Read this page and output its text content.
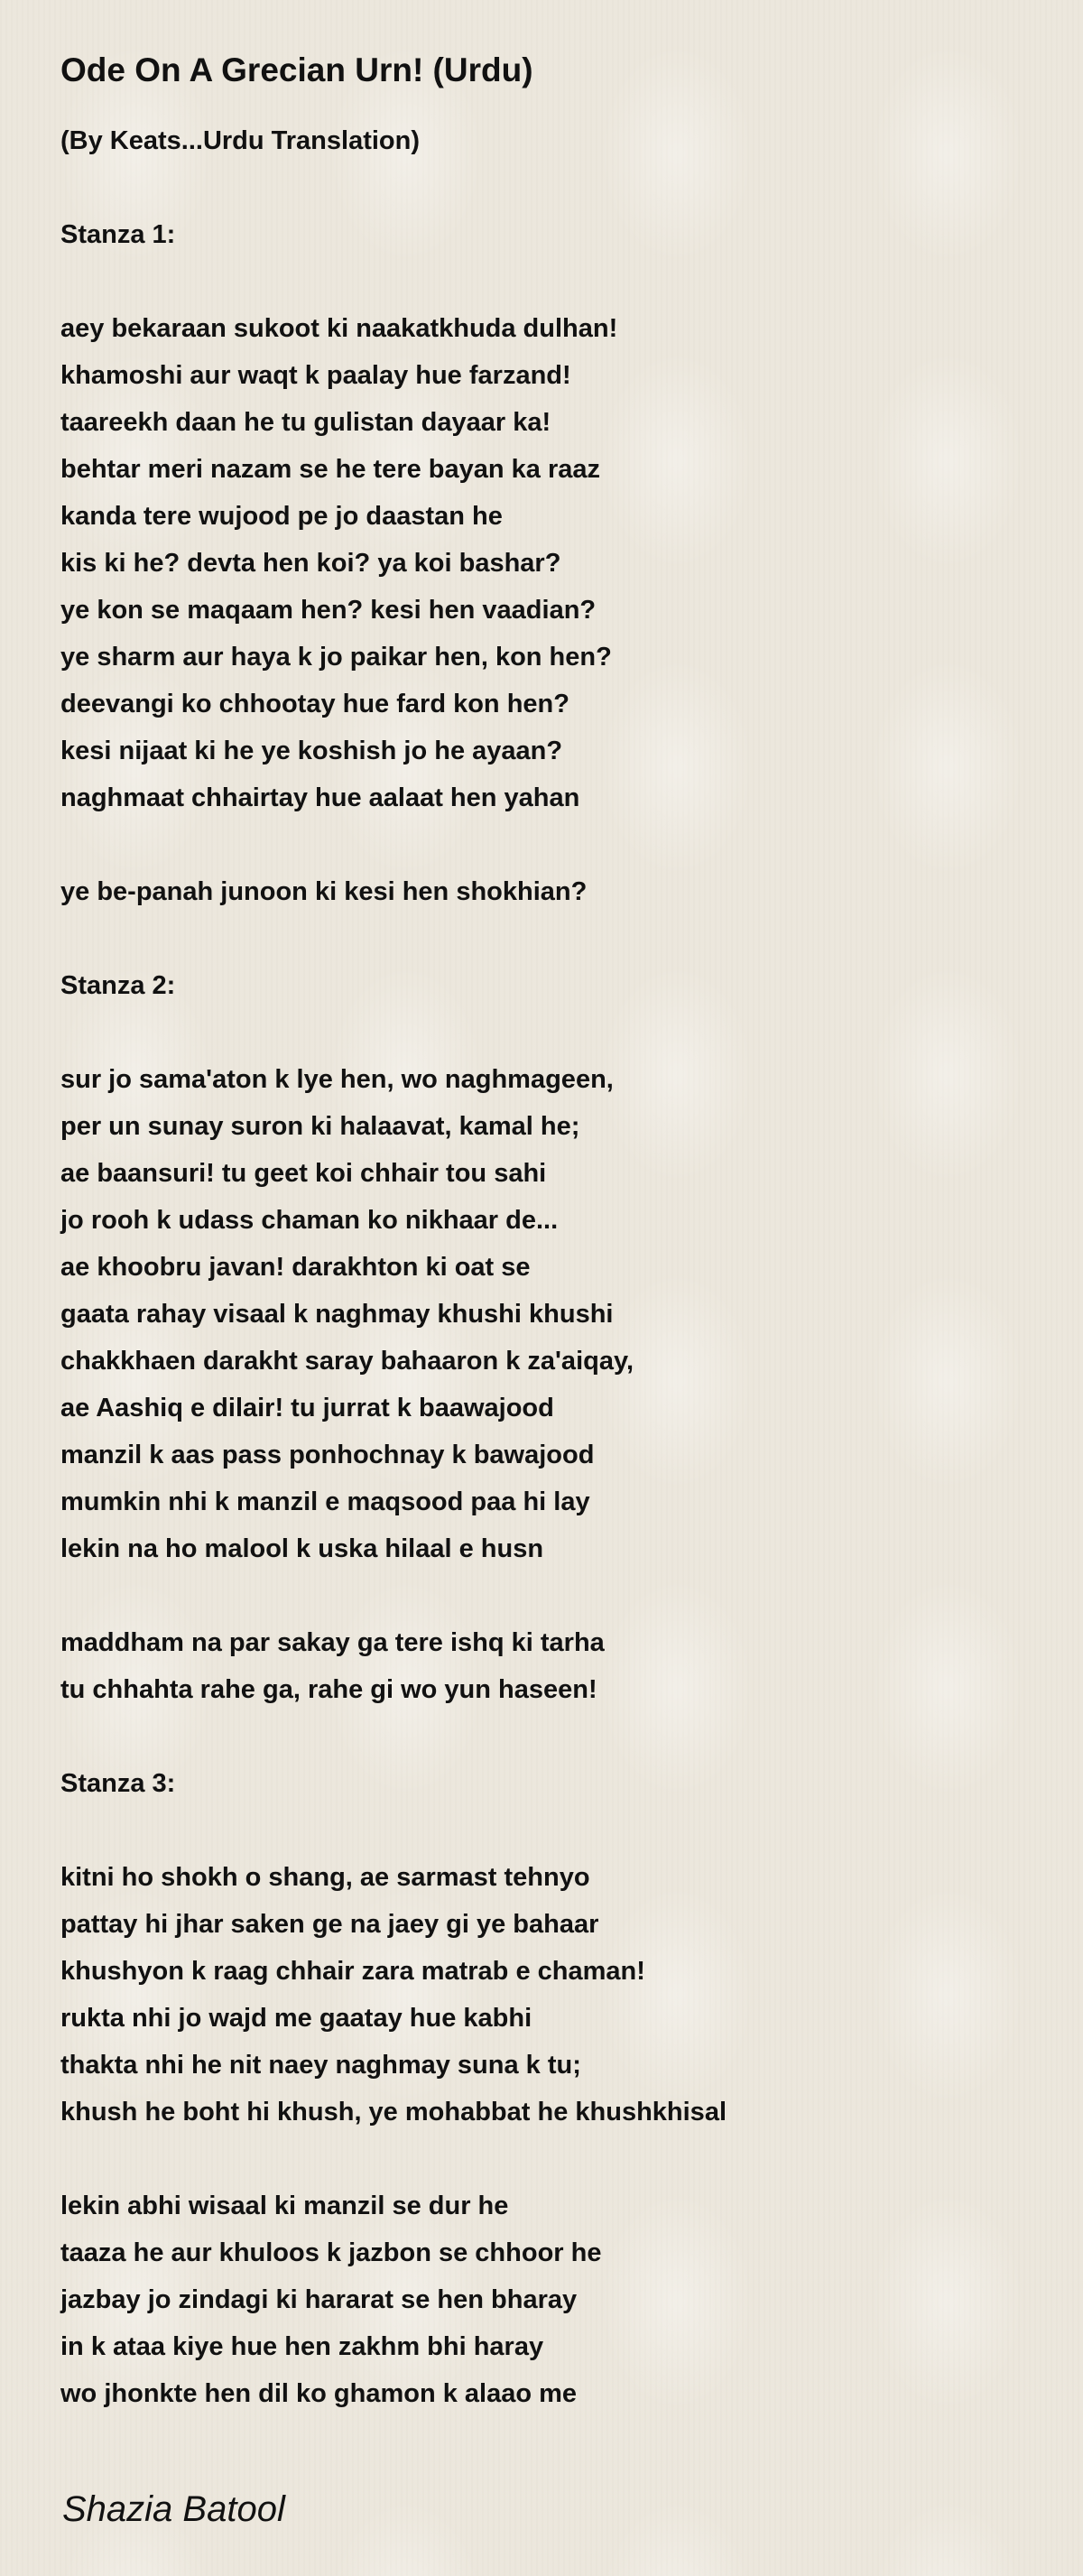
Ode On A Grecian Urn! (Urdu)
(By Keats...Urdu Translation)
Stanza 1:
aey bekaraan sukoot ki naakatkhuda dulhan!
khamoshi aur waqt k paalay hue farzand!
taareekh daan he tu gulistan dayaar ka!
behtar meri nazam se he tere bayan ka raaz
kanda tere wujood pe jo daastan he
kis ki he? devta hen koi? ya koi bashar?
ye kon se maqaam hen? kesi hen vaadian?
ye sharm aur haya k jo paikar hen, kon hen?
deevangi ko chhootay hue fard kon hen?
kesi nijaat ki he ye koshish jo he ayaan?
naghmaat chhairtay hue aalaat hen yahan
ye be-panah junoon ki kesi hen shokhian?
Stanza 2:
sur jo sama'aton k lye hen, wo naghmageen,
per un sunay suron ki halaavat, kamal he;
ae baansuri! tu geet koi chhair tou sahi
jo rooh k udass chaman ko nikhaar de...
ae khoobru javan! darakhton ki oat se
gaata rahay visaal k naghmay khushi khushi
chakkhaen darakht saray bahaaron k za'aiqay,
ae Aashiq e dilair! tu jurrat k baawajood
manzil k aas pass ponhochnay k bawajood
mumkin nhi k manzil e maqsood paa hi lay
lekin na ho malool k uska hilaal e husn
maddham na par sakay ga tere ishq ki tarha
tu chhahta rahe ga, rahe gi wo yun haseen!
Stanza 3:
kitni ho shokh o shang, ae sarmast tehnyo
pattay hi jhar saken ge na jaey gi ye bahaar
khushyon k raag chhair zara matrab e chaman!
rukta nhi jo wajd me gaatay hue kabhi
thakta nhi he nit naey naghmay suna k tu;
khush he boht hi khush, ye mohabbat he khushkhisal
lekin abhi wisaal ki manzil se dur he
taaza he aur khuloos k jazbon se chhoor he
jazbay jo zindagi ki hararat se hen bharay
in k ataa kiye hue hen zakhm bhi haray
wo jhonkte hen dil ko ghamon k alaao me
Shazia Batool
